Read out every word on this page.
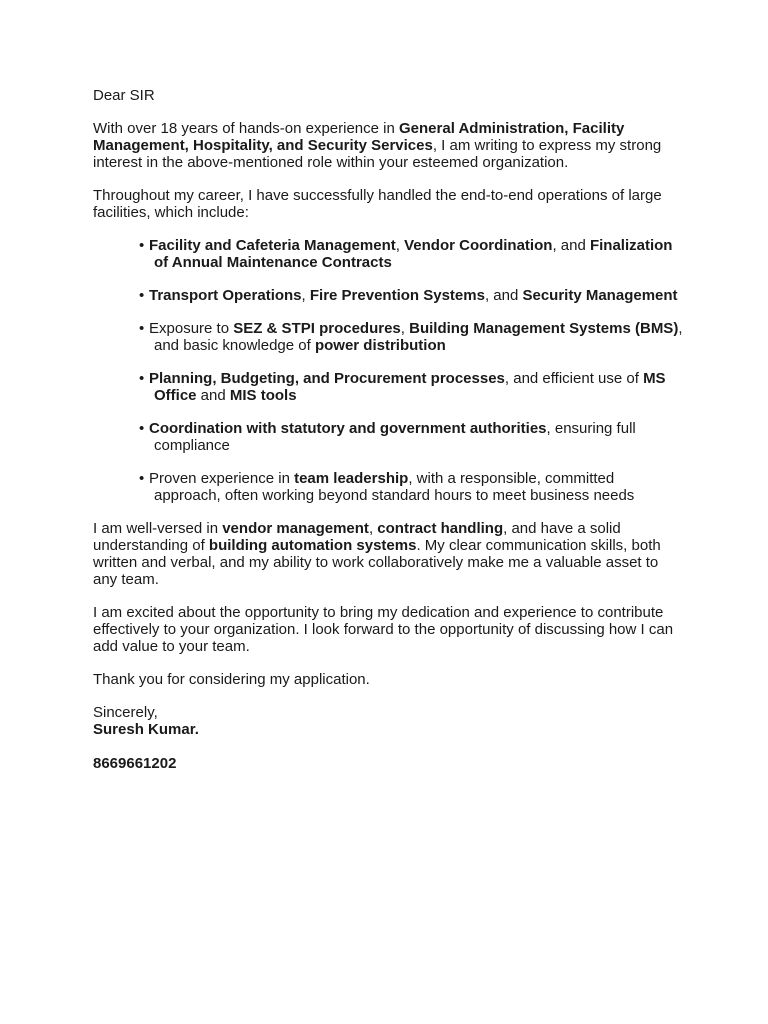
Dear SIR

With over 18 years of hands-on experience in General Administration, Facility Management, Hospitality, and Security Services, I am writing to express my strong interest in the above-mentioned role within your esteemed organization.

Throughout my career, I have successfully handled the end-to-end operations of large facilities, which include:

• Facility and Cafeteria Management, Vendor Coordination, and Finalization of Annual Maintenance Contracts
• Transport Operations, Fire Prevention Systems, and Security Management
• Exposure to SEZ & STPI procedures, Building Management Systems (BMS), and basic knowledge of power distribution
• Planning, Budgeting, and Procurement processes, and efficient use of MS Office and MIS tools
• Coordination with statutory and government authorities, ensuring full compliance
• Proven experience in team leadership, with a responsible, committed approach, often working beyond standard hours to meet business needs

I am well-versed in vendor management, contract handling, and have a solid understanding of building automation systems. My clear communication skills, both written and verbal, and my ability to work collaboratively make me a valuable asset to any team.

I am excited about the opportunity to bring my dedication and experience to contribute effectively to your organization. I look forward to the opportunity of discussing how I can add value to your team.

Thank you for considering my application.

Sincerely,

Suresh Kumar.

8669661202
